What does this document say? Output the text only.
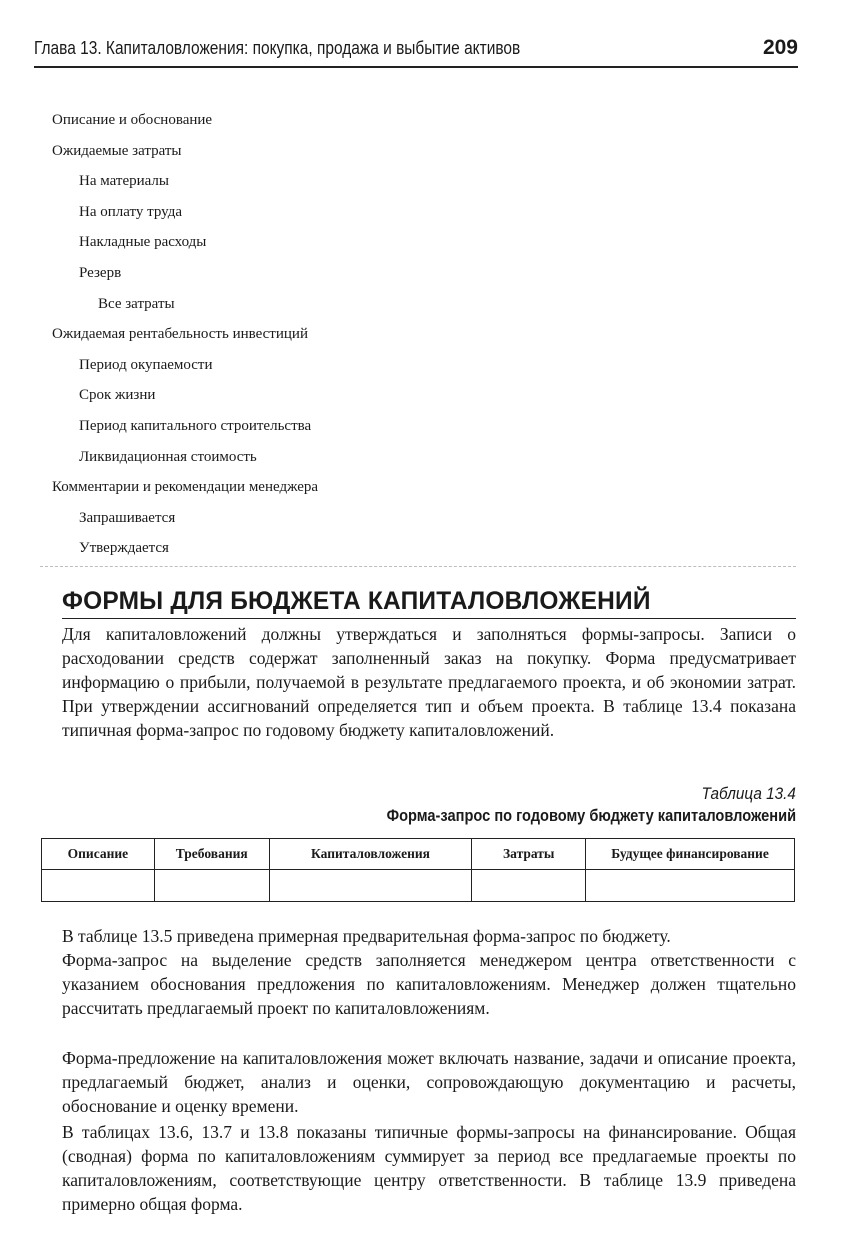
Глава 13. Капиталовложения: покупка, продажа и выбытие активов	209
Описание и обоснование
Ожидаемые затраты
На материалы
На оплату труда
Накладные расходы
Резерв
Все затраты
Ожидаемая рентабельность инвестиций
Период окупаемости
Срок жизни
Период капитального строительства
Ликвидационная стоимость
Комментарии и рекомендации менеджера
Запрашивается
Утверждается
ФОРМЫ ДЛЯ БЮДЖЕТА КАПИТАЛОВЛОЖЕНИЙ

Для капиталовложений должны утверждаться и заполняться формы-запросы. Записи о расходовании средств содержат заполненный заказ на покупку. Форма предусматривает информацию о прибыли, получаемой в результате предлагаемого проекта, и об экономии затрат. При утверждении ассигнований определяется тип и объем проекта. В таблице 13.4 показана типичная форма-запрос по годовому бюджету капиталовложений.

Таблица 13.4
Форма-запрос по годовому бюджету капиталовложений
Описание	Требования	Капиталовложения	Затраты	Будущее финансирование

В таблице 13.5 приведена примерная предварительная форма-запрос по бюджету.

Форма-запрос на выделение средств заполняется менеджером центра ответственности с указанием обоснования предложения по капиталовложениям. Менеджер должен тщательно рассчитать предлагаемый проект по капиталовложениям.

Форма-предложение на капиталовложения может включать название, задачи и описание проекта, предлагаемый бюджет, анализ и оценки, сопровождающую документацию и расчеты, обоснование и оценку времени.

В таблицах 13.6, 13.7 и 13.8 показаны типичные формы-запросы на финансирование. Общая (сводная) форма по капиталовложениям суммирует за период все предлагаемые проекты по капиталовложениям, соответствующие центру ответственности. В таблице 13.9 приведена примерно общая форма.
